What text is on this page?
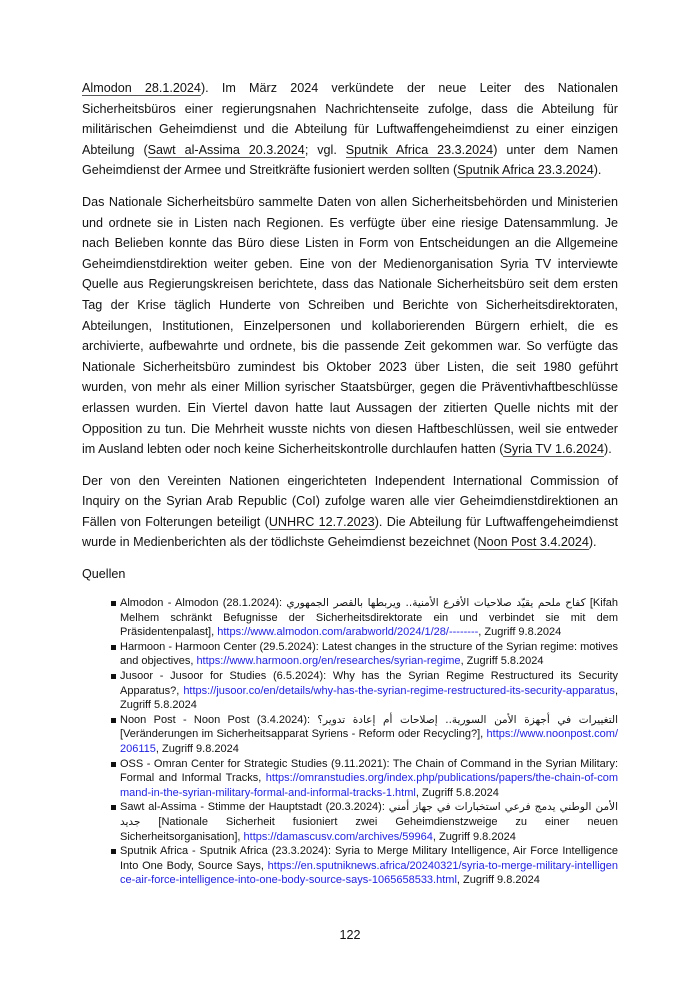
Almodon 28.1.2024). Im März 2024 verkündete der neue Leiter des Nationalen Sicherheitsbüros einer regierungsnahen Nachrichtenseite zufolge, dass die Abteilung für militärischen Geheimdienst und die Abteilung für Luftwaffengeheimdienst zu einer einzigen Abteilung (Sawt al-Assima 20.3.2024; vgl. Sputnik Africa 23.3.2024) unter dem Namen Geheimdienst der Armee und Streitkräfte fusioniert werden sollten (Sputnik Africa 23.3.2024).

Das Nationale Sicherheitsbüro sammelte Daten von allen Sicherheitsbehörden und Ministerien und ordnete sie in Listen nach Regionen. Es verfügte über eine riesige Datensammlung. Je nach Belieben konnte das Büro diese Listen in Form von Entscheidungen an die Allgemeine Geheimdienstdirektion weiter geben. Eine von der Medienorganisation Syria TV interviewte Quelle aus Regierungskreisen berichtete, dass das Nationale Sicherheitsbüro seit dem ersten Tag der Krise täglich Hunderte von Schreiben und Berichte von Sicherheitsdirektoraten, Abteilungen, Institutionen, Einzelpersonen und kollaborierenden Bürgern erhielt, die es archivierte, aufbewahrte und ordnete, bis die passende Zeit gekommen war. So verfügte das Nationale Sicherheitsbüro zumindest bis Oktober 2023 über Listen, die seit 1980 geführt wurden, von mehr als einer Million syrischer Staatsbürger, gegen die Präventivhaftbeschlüsse erlassen wurden. Ein Viertel davon hatte laut Aussagen der zitierten Quelle nichts mit der Opposition zu tun. Die Mehrheit wusste nichts von diesen Haftbeschlüssen, weil sie entweder im Ausland lebten oder noch keine Sicherheitskontrolle durchlaufen hatten (Syria TV 1.6.2024).

Der von den Vereinten Nationen eingerichteten Independent International Commission of Inquiry on the Syrian Arab Republic (CoI) zufolge waren alle vier Geheimdienstdirektionen an Fällen von Folterungen beteiligt (UNHRC 12.7.2023). Die Abteilung für Luftwaffengeheimdienst wurde in Medienberichten als der tödlichste Geheimdienst bezeichnet (Noon Post 3.4.2024).

Quellen
Almodon - Almodon (28.1.2024): كفاح ملحم يقيّد صلاحيات الأفرع الأمنية.. ويربطها بالقصر الجمهوري [Kifah Melhem schränkt Befugnisse der Sicherheitsdirektorate ein und verbindet sie mit dem Präsidentenpalast], https://www.almodon.com/arabworld/2024/1/28/--------, Zugriff 9.8.2024
Harmoon - Harmoon Center (29.5.2024): Latest changes in the structure of the Syrian regime: motives and objectives, https://www.harmoon.org/en/researches/syrian-regime, Zugriff 5.8.2024
Jusoor - Jusoor for Studies (6.5.2024): Why has the Syrian Regime Restructured its Security Apparatus?, https://jusoor.co/en/details/why-has-the-syrian-regime-restructured-its-security-apparatus, Zugriff 5.8.2024
Noon Post - Noon Post (3.4.2024): التغييرات في أجهزة الأمن السورية.. إصلاحات أم إعادة تدوير؟ [Veränderungen im Sicherheitsapparat Syriens - Reform oder Recycling?], https://www.noonpost.com/206115, Zugriff 9.8.2024
OSS - Omran Center for Strategic Studies (9.11.2021): The Chain of Command in the Syrian Military: Formal and Informal Tracks, https://omranstudies.org/index.php/publications/papers/the-chain-of-command-in-the-syrian-military-formal-and-informal-tracks-1.html, Zugriff 5.8.2024
Sawt al-Assima - Stimme der Hauptstadt (20.3.2024): الأمن الوطني يدمج فرعي استخبارات في جهاز أمني جديد [Nationale Sicherheit fusioniert zwei Geheimdienstzweige zu einer neuen Sicherheitsorganisation], https://damascusv.com/archives/59964, Zugriff 9.8.2024
Sputnik Africa - Sputnik Africa (23.3.2024): Syria to Merge Military Intelligence, Air Force Intelligence Into One Body, Source Says, https://en.sputniknews.africa/20240321/syria-to-merge-military-intelligence-air-force-intelligence-into-one-body-source-says-1065658533.html, Zugriff 9.8.2024
122
